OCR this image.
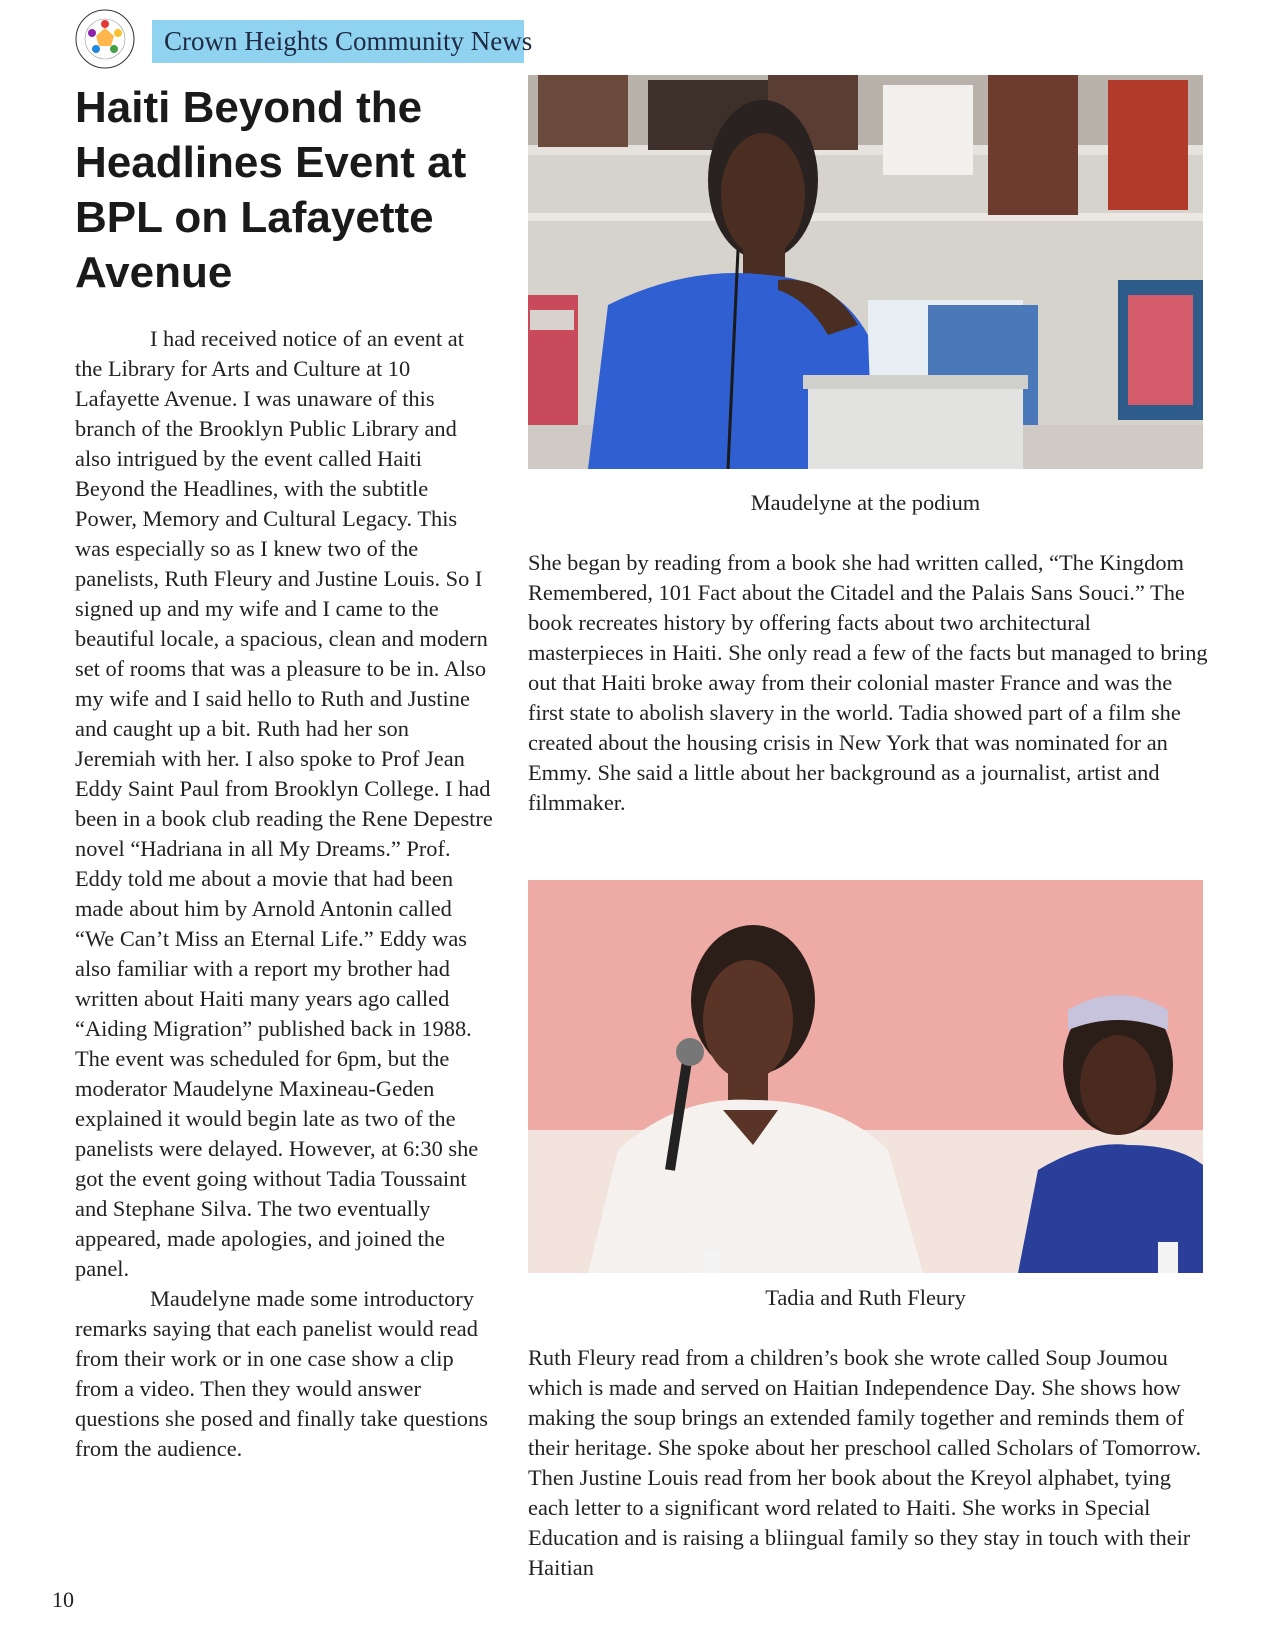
Crown Heights Community News
Haiti Beyond the Headlines Event at BPL on Lafayette Avenue

I had received notice of an event at the Library for Arts and Culture at 10 Lafayette Avenue. I was unaware of this branch of the Brooklyn Public Library and also intrigued by the event called Haiti Beyond the Headlines, with the subtitle Power, Memory and Cultural Legacy. This was especially so as I knew two of the panelists, Ruth Fleury and Justine Louis. So I signed up and my wife and I came to the beautiful locale, a spacious, clean and modern set of rooms that was a pleasure to be in. Also my wife and I said hello to Ruth and Justine and caught up a bit. Ruth had her son Jeremiah with her. I also spoke to Prof Jean Eddy Saint Paul from Brooklyn College. I had been in a book club reading the Rene Depestre novel “Hadriana in all My Dreams.” Prof. Eddy told me about a movie that had been made about him by Arnold Antonin called “We Can’t Miss an Eternal Life.” Eddy was also familiar with a report my brother had written about Haiti many years ago called “Aiding Migration” published back in 1988. The event was scheduled for 6pm, but the moderator Maudelyne Maxineau-Geden explained it would begin late as two of the panelists were delayed. However, at 6:30 she got the event going without Tadia Toussaint and Stephane Silva. The two eventually appeared, made apologies, and joined the panel.

Maudelyne made some introductory remarks saying that each panelist would read from their work or in one case show a clip from a video. Then they would answer questions she posed and finally take questions from the audience.

Maudelyne at the podium

She began by reading from a book she had written called, “The Kingdom Remembered, 101 Fact about the Citadel and the Palais Sans Souci.” The book recreates history by offering facts about two architectural masterpieces in Haiti. She only read a few of the facts but managed to bring out that Haiti broke away from their colonial master France and was the first state to abolish slavery in the world. Tadia showed part of a film she created about the housing crisis in New York that was nominated for an Emmy. She said a little about her background as a journalist, artist and filmmaker.

Tadia and Ruth Fleury

Ruth Fleury read from a children’s book she wrote called Soup Joumou which is made and served on Haitian Independence Day. She shows how making the soup brings an extended family together and reminds them of their heritage. She spoke about her preschool called Scholars of Tomorrow. Then Justine Louis read from her book about the Kreyol alphabet, tying each letter to a significant word related to Haiti. She works in Special Education and is raising a bliingual family so they stay in touch with their Haitian

10
